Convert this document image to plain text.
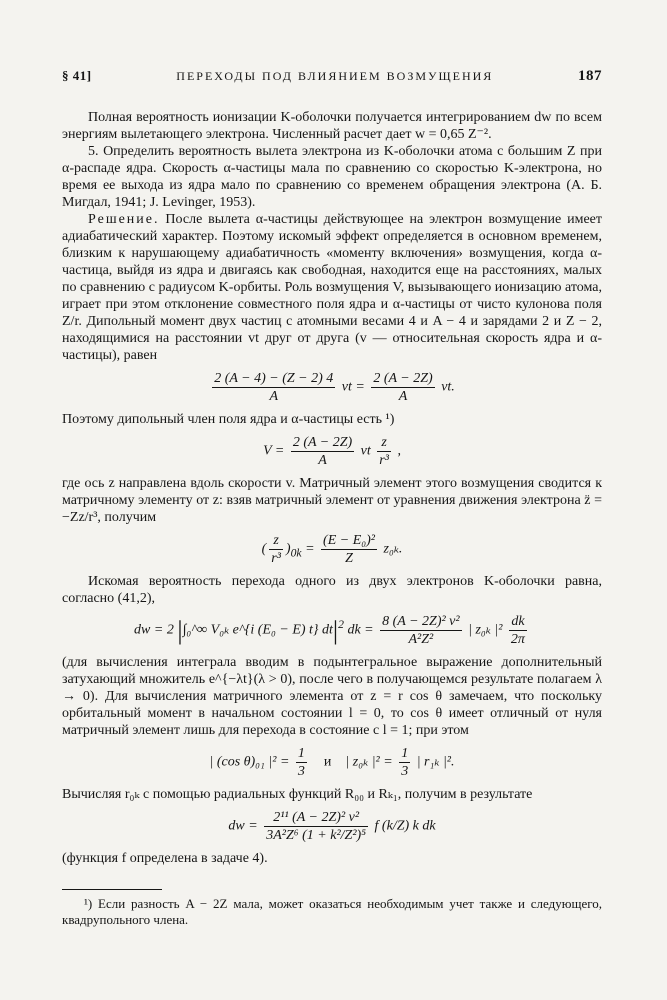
§ 41]	ПЕРЕХОДЫ ПОД ВЛИЯНИЕМ ВОЗМУЩЕНИЯ	187

Полная вероятность ионизации K-оболочки получается интегрированием dw по всем энергиям вылетающего электрона. Численный расчет дает w = 0,65 Z⁻².

5. Определить вероятность вылета электрона из K-оболочки атома с большим Z при α-распаде ядра. Скорость α-частицы мала по сравнению со скоростью K-электрона, но время ее выхода из ядра мало по сравнению со временем обращения электрона (А. Б. Мигдал, 1941; J. Levinger, 1953).

Решение. После вылета α-частицы действующее на электрон возмущение имеет адиабатический характер. Поэтому искомый эффект определяется в основном временем, близким к нарушающему адиабатичность «моменту включения» возмущения, когда α-частица, выйдя из ядра и двигаясь как свободная, находится еще на расстояниях, малых по сравнению с радиусом K-орбиты. Роль возмущения V, вызывающего ионизацию атома, играет при этом отклонение совместного поля ядра и α-частицы от чисто кулонова поля Z/r. Дипольный момент двух частиц с атомными весами 4 и A − 4 и зарядами 2 и Z − 2, находящимися на расстоянии vt друг от друга (v — относительная скорость ядра и α-частицы), равен

$\frac{2 (A - 4) - (Z - 2) 4}{A}$ vt = $\frac{2 (A - 2Z)}{A}$ vt.

Поэтому дипольный член поля ядра и α-частицы есть ¹)

$V = \frac{2 (A - 2Z)}{A}$ vt $\frac{z}{\text{r³}}$ ,

где ось z направлена вдоль скорости v. Матричный элемент этого возмущения сводится к матричному элементу от z: взяв матричный элемент от уравнения движения электрона z̈ = −Zz/r³, получим

( $\frac{z}{\text{r³}} )_{0k} = \frac{\text{(E − E₀)²}}{Z} z_{0k}$.

Искомая вероятность перехода одного из двух электронов K-оболочки равна, согласно (41,2),

dw = 2 |∫₀^∞ V₀ₖ e^{i (E₀ − E) t} $dt|^2$ dk = $\frac{\text{8 (A − 2Z)² v²}}{\text{A²Z²}}$ | z₀ₖ $|^2 \frac{dk}{2\pi}$

(для вычисления интеграла вводим в подынтегральное выражение дополнительный затухающий множитель e^{−λt}(λ > 0), после чего в получающемся результате полагаем λ → 0). Для вычисления матричного элемента от z = r cos θ замечаем, что поскольку орбитальный момент в начальном состоянии l = 0, то cos θ имеет отличный от нуля матричный элемент лишь для перехода в состояние с l = 1; при этом

| (cos θ)₀₁ $|^2 = \frac{1}{3}$ и | z₀ₖ $|^2 = \frac{1}{3}$ | r₁ₖ |².

Вычисляя r₀ₖ с помощью радиальных функций R₀₀ и Rₖ₁, получим в результате

dw = $\frac{\text{2¹¹ (A − 2Z)² v²}}{\text{3A²Z⁶ (1 + k²/Z²)⁵}}$ f (k/Z) k dk

(функция f определена в задаче 4).

¹) Если разность A − 2Z мала, может оказаться необходимым учет также и следующего, квадрупольного члена.
